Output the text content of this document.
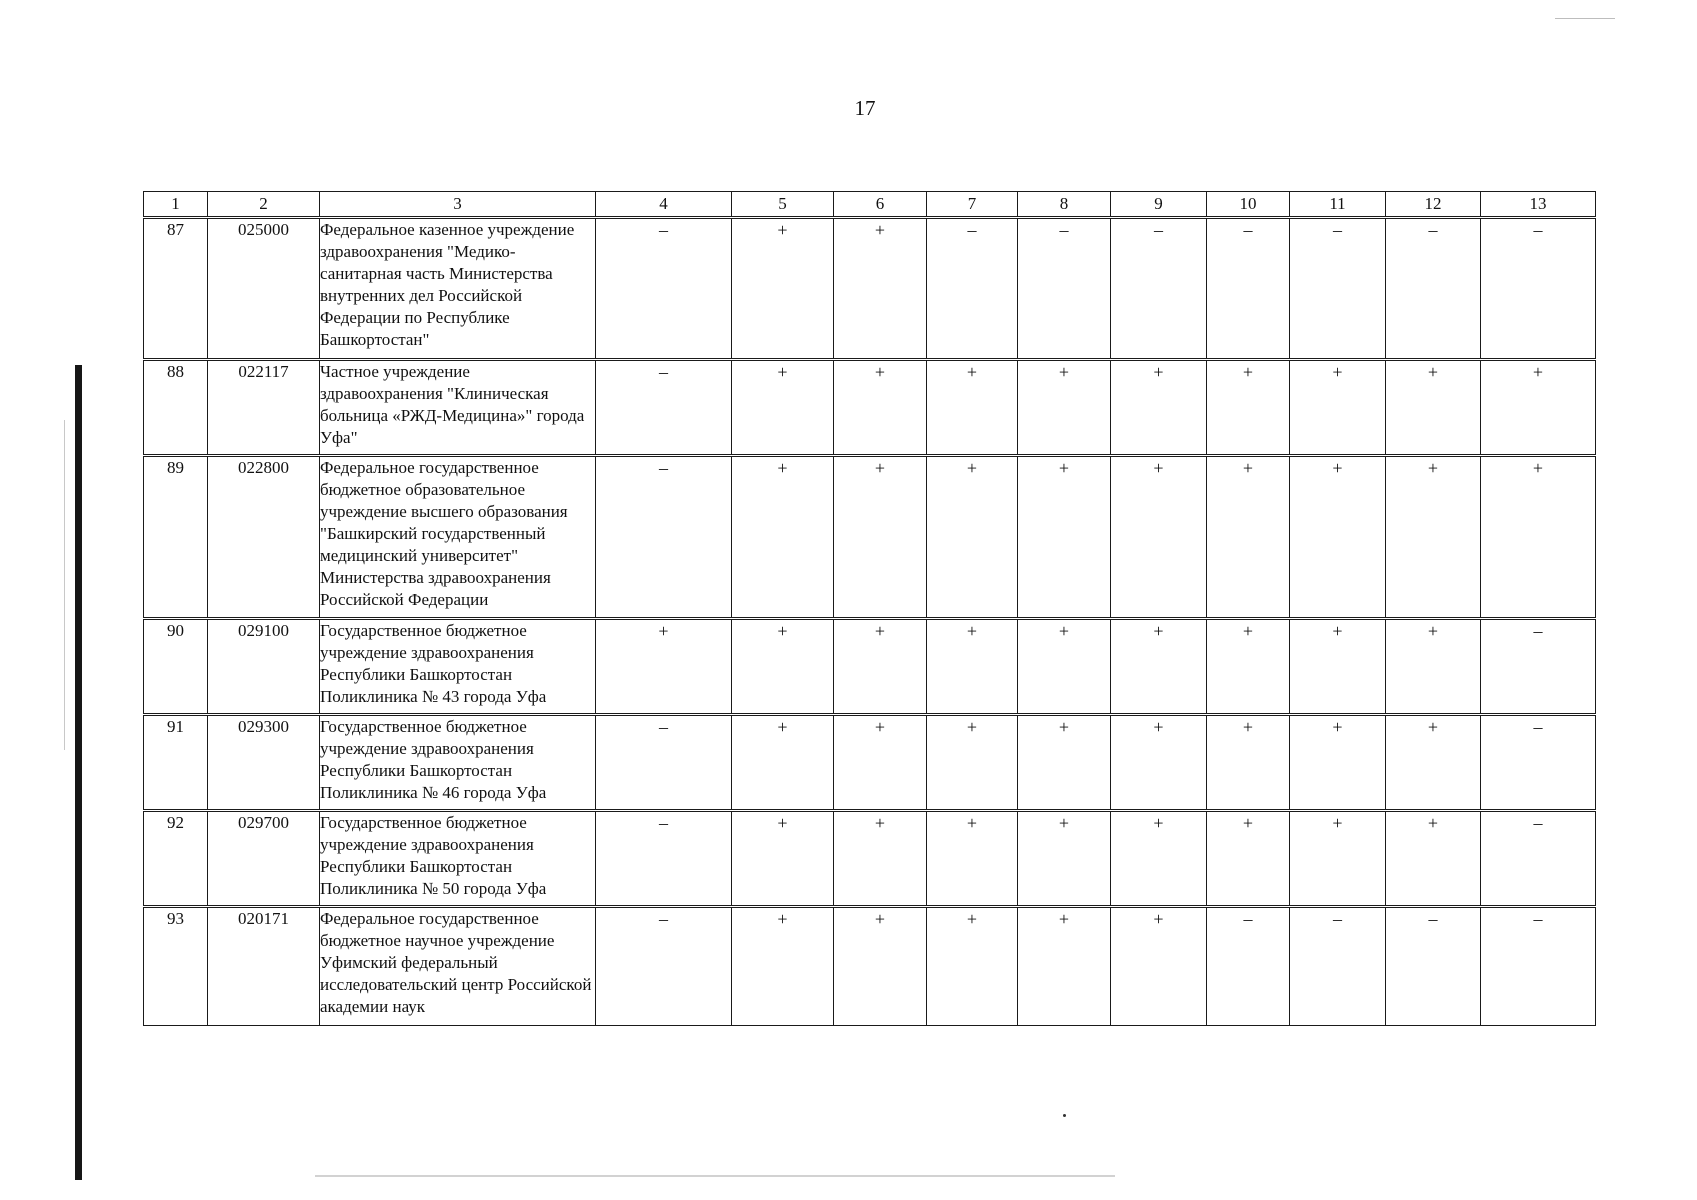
17
1	2	3	4	5	6	7	8	9	10	11	12	13
87	025000	Федеральное казенное учреждение здравоохранения "Медико-санитарная часть Министерства внутренних дел Российской Федерации по Республике Башкортостан"	–	+	+	–	–	–	–	–	–	–
88	022117	Частное учреждение здравоохранения "Клиническая больница «РЖД-Медицина»" города Уфа"	–	+	+	+	+	+	+	+	+	+
89	022800	Федеральное государственное бюджетное образовательное учреждение высшего образования "Башкирский государственный медицинский университет" Министерства здравоохранения Российской Федерации	–	+	+	+	+	+	+	+	+	+
90	029100	Государственное бюджетное учреждение здравоохранения Республики Башкортостан Поликлиника № 43 города Уфа	+	+	+	+	+	+	+	+	+	–
91	029300	Государственное бюджетное учреждение здравоохранения Республики Башкортостан Поликлиника № 46 города Уфа	–	+	+	+	+	+	+	+	+	–
92	029700	Государственное бюджетное учреждение здравоохранения Республики Башкортостан Поликлиника № 50 города Уфа	–	+	+	+	+	+	+	+	+	–
93	020171	Федеральное государственное бюджетное научное учреждение Уфимский федеральный исследовательский центр Российской академии наук	–	+	+	+	+	+	–	–	–	–
